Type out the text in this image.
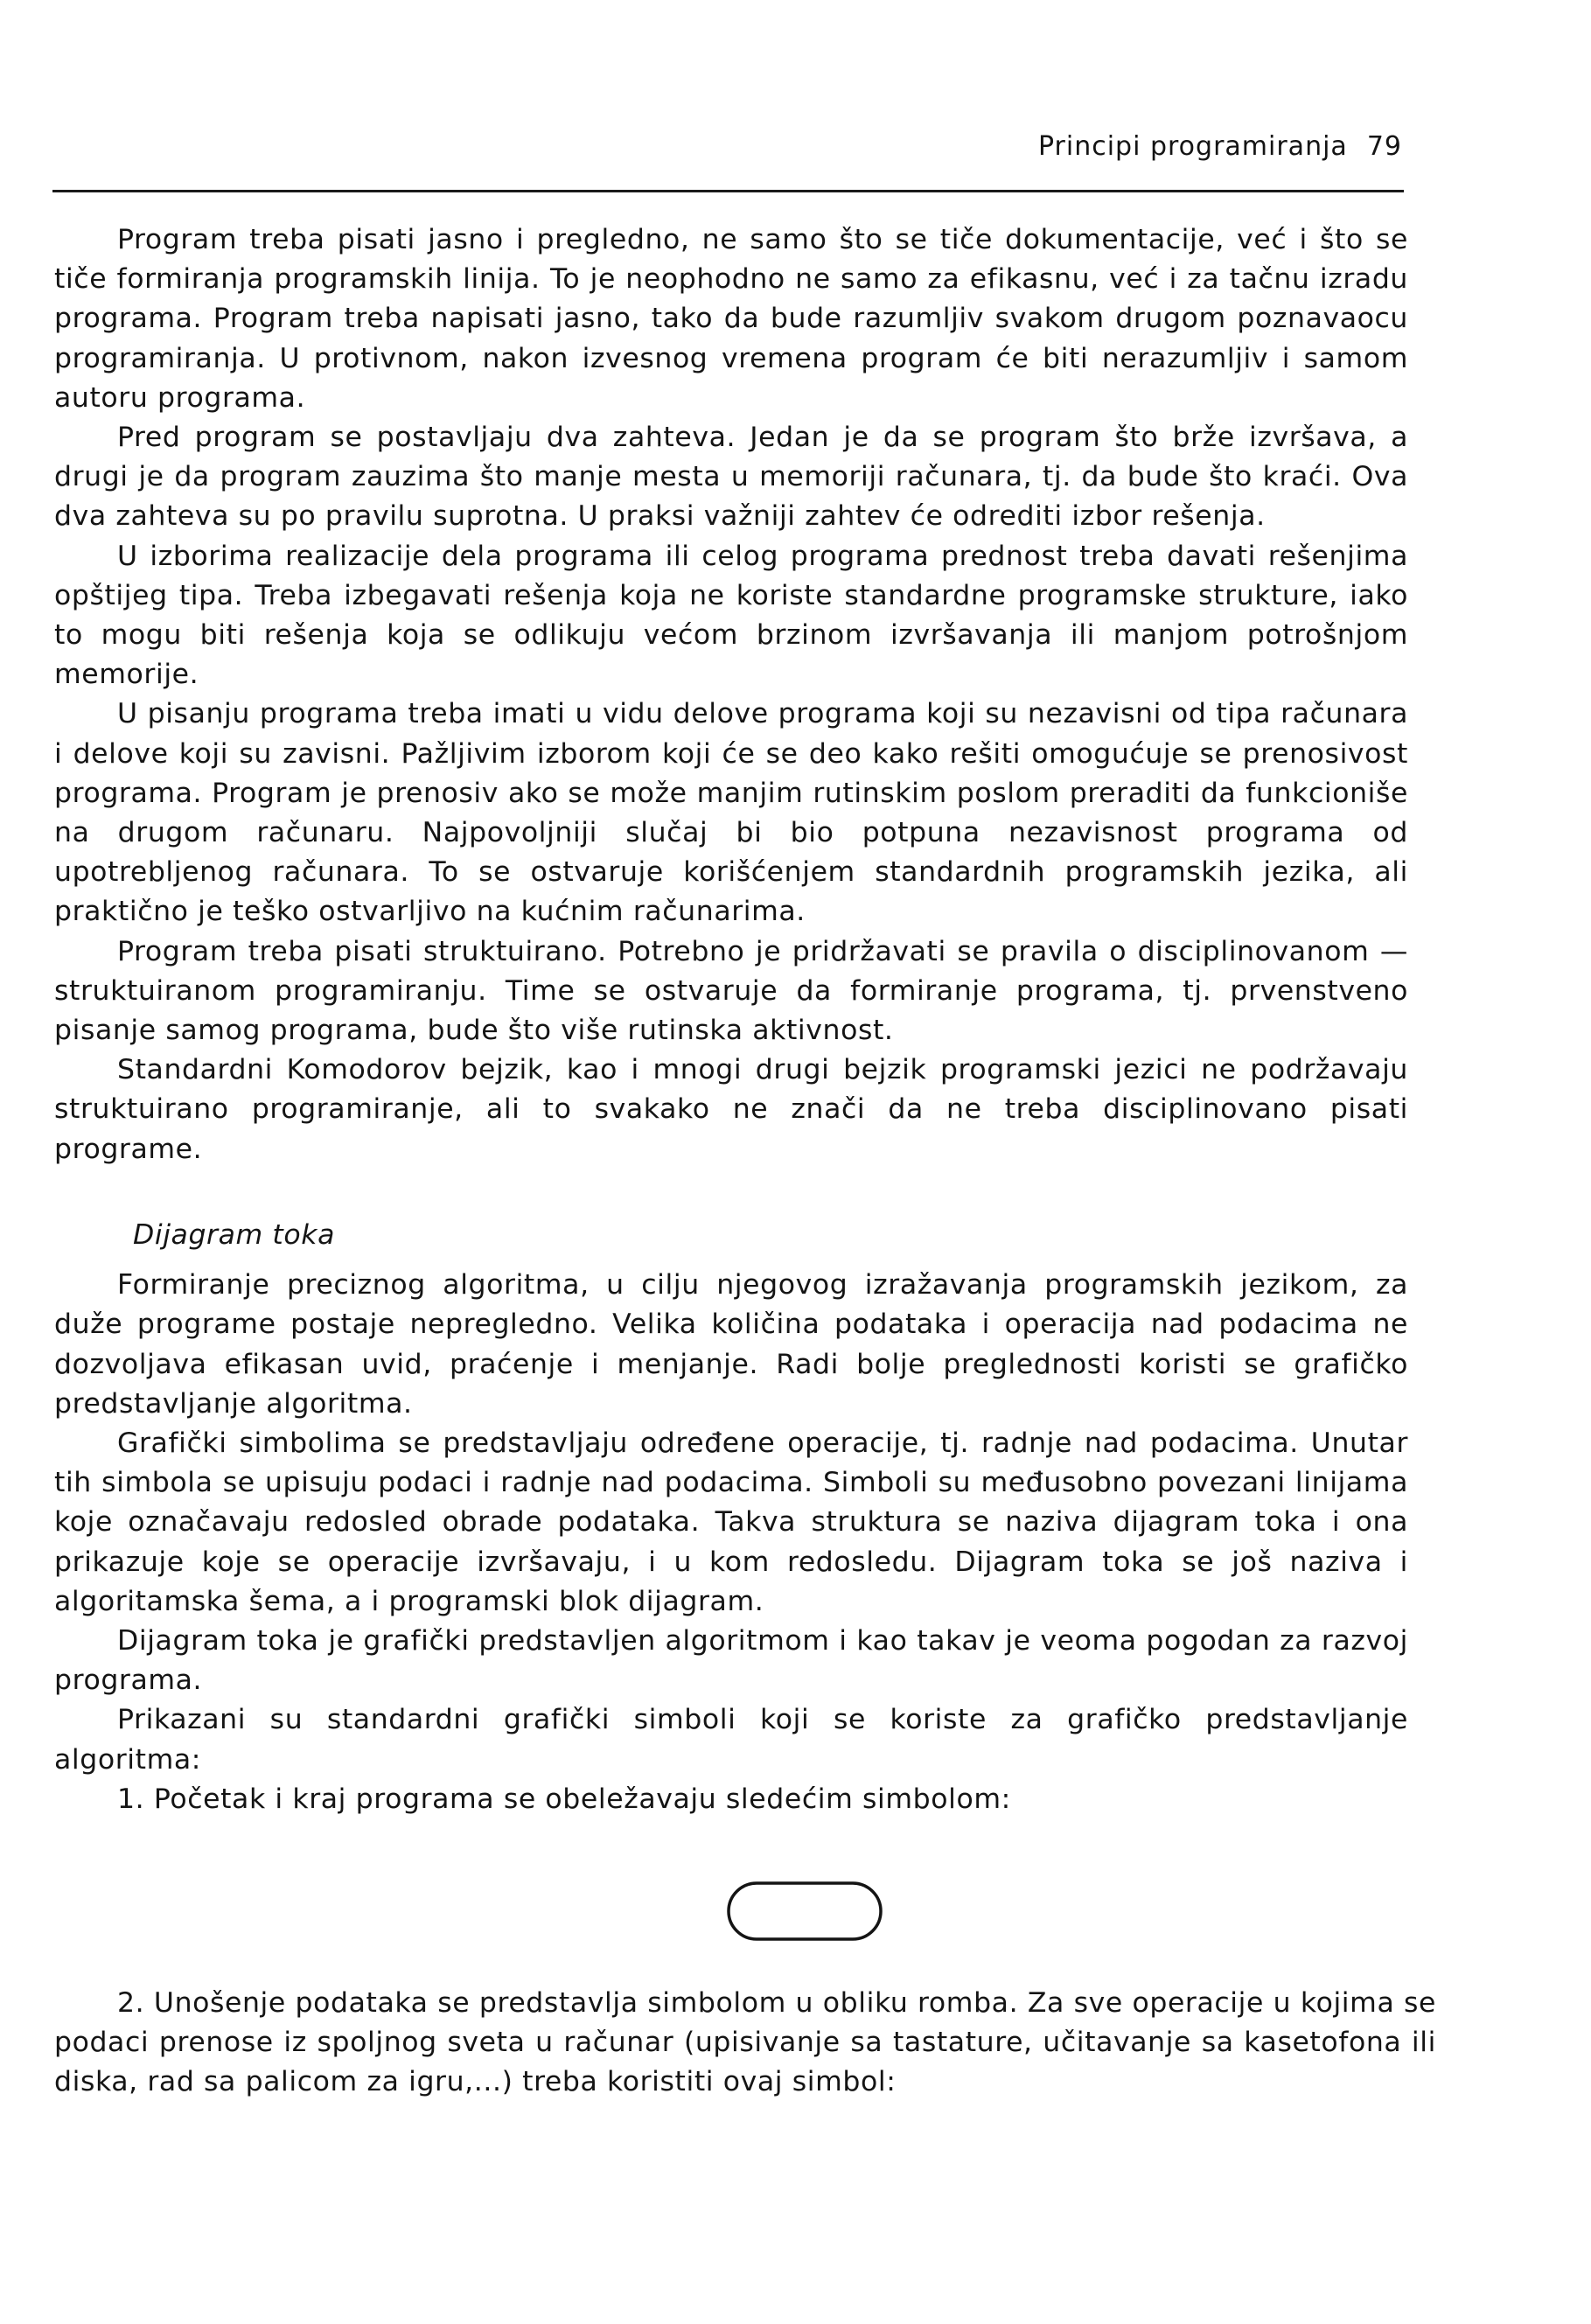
Principi programiranja 79

Program treba pisati jasno i pregledno, ne samo što se tiče dokumentacije, već i što se tiče formiranja programskih linija. To je neophodno ne samo za efikasnu, već i za tačnu izradu programa. Program treba napisati jasno, tako da bude razumljiv svakom drugom poznavaocu programiranja. U protivnom, nakon izvesnog vremena program će biti nerazumljiv i samom autoru programa.

Pred program se postavljaju dva zahteva. Jedan je da se program što brže izvršava, a drugi je da program zauzima što manje mesta u memoriji računara, tj. da bude što kraći. Ova dva zahteva su po pravilu suprotna. U praksi važniji zahtev će odrediti izbor rešenja.

U izborima realizacije dela programa ili celog programa prednost treba davati rešenjima opštijeg tipa. Treba izbegavati rešenja koja ne koriste standardne programske strukture, iako to mogu biti rešenja koja se odlikuju većom brzinom izvršavanja ili manjom potrošnjom memorije.

U pisanju programa treba imati u vidu delove programa koji su nezavisni od tipa računara i delove koji su zavisni. Pažljivim izborom koji će se deo kako rešiti omogućuje se prenosivost programa. Program je prenosiv ako se može manjim rutinskim poslom preraditi da funkcioniše na drugom računaru. Najpovoljniji slučaj bi bio potpuna nezavisnost programa od upotrebljenog računara. To se ostvaruje korišćenjem standardnih programskih jezika, ali praktično je teško ostvarljivo na kućnim računarima.

Program treba pisati struktuirano. Potrebno je pridržavati se pravila o disciplinovanom — struktuiranom programiranju. Time se ostvaruje da formiranje programa, tj. prvenstveno pisanje samog programa, bude što više rutinska aktivnost.

Standardni Komodorov bejzik, kao i mnogi drugi bejzik programski jezici ne podržavaju struktuirano programiranje, ali to svakako ne znači da ne treba disciplinovano pisati programe.

Dijagram toka

Formiranje preciznog algoritma, u cilju njegovog izražavanja programskih jezikom, za duže programe postaje nepregledno. Velika količina podataka i operacija nad podacima ne dozvoljava efikasan uvid, praćenje i menjanje. Radi bolje preglednosti koristi se grafičko predstavljanje algoritma.

Grafički simbolima se predstavljaju određene operacije, tj. radnje nad podacima. Unutar tih simbola se upisuju podaci i radnje nad podacima. Simboli su međusobno povezani linijama koje označavaju redosled obrade podataka. Takva struktura se naziva dijagram toka i ona prikazuje koje se operacije izvršavaju, i u kom redosledu. Dijagram toka se još naziva i algoritamska šema, a i programski blok dijagram.

Dijagram toka je grafički predstavljen algoritmom i kao takav je veoma pogodan za razvoj programa.

Prikazani su standardni grafički simboli koji se koriste za grafičko predstavljanje algoritma:

1. Početak i kraj programa se obeležavaju sledećim simbolom:

2. Unošenje podataka se predstavlja simbolom u obliku romba. Za sve operacije u kojima se podaci prenose iz spoljnog sveta u računar (upisivanje sa tastature, učitavanje sa kasetofona ili diska, rad sa palicom za igru,...) treba koristiti ovaj simbol:
